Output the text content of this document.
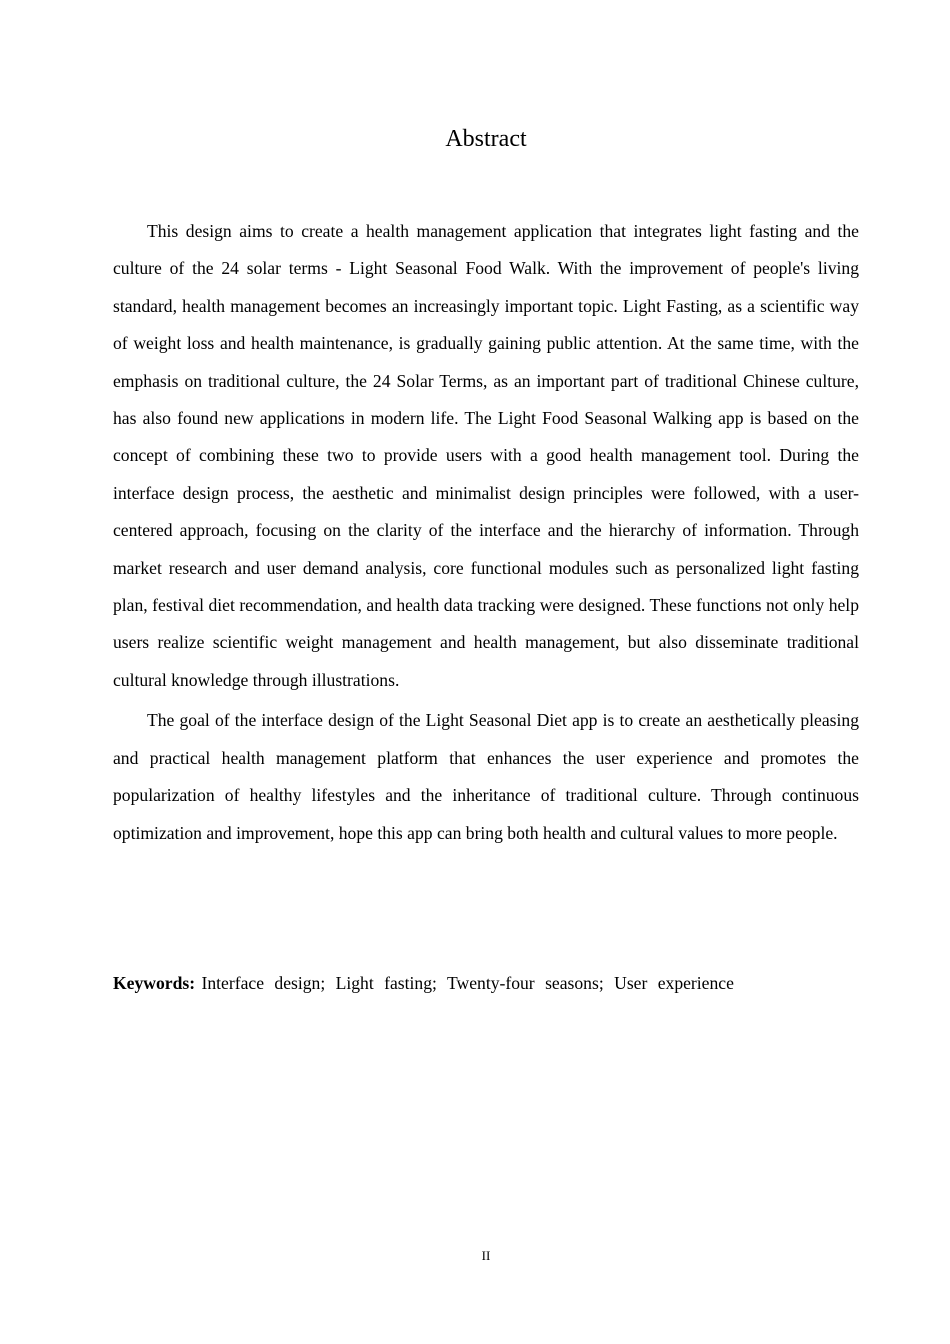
Abstract

This design aims to create a health management application that integrates light fasting and the culture of the 24 solar terms - Light Seasonal Food Walk. With the improvement of people's living standard, health management becomes an increasingly important topic. Light Fasting, as a scientific way of weight loss and health maintenance, is gradually gaining public attention. At the same time, with the emphasis on traditional culture, the 24 Solar Terms, as an important part of traditional Chinese culture, has also found new applications in modern life. The Light Food Seasonal Walking app is based on the concept of combining these two to provide users with a good health management tool. During the interface design process, the aesthetic and minimalist design principles were followed, with a user-centered approach, focusing on the clarity of the interface and the hierarchy of information. Through market research and user demand analysis, core functional modules such as personalized light fasting plan, festival diet recommendation, and health data tracking were designed. These functions not only help users realize scientific weight management and health management, but also disseminate traditional cultural knowledge through illustrations.

The goal of the interface design of the Light Seasonal Diet app is to create an aesthetically pleasing and practical health management platform that enhances the user experience and promotes the popularization of healthy lifestyles and the inheritance of traditional culture. Through continuous optimization and improvement, hope this app can bring both health and cultural values to more people.

Keywords: Interface design; Light fasting; Twenty-four seasons; User experience

II
